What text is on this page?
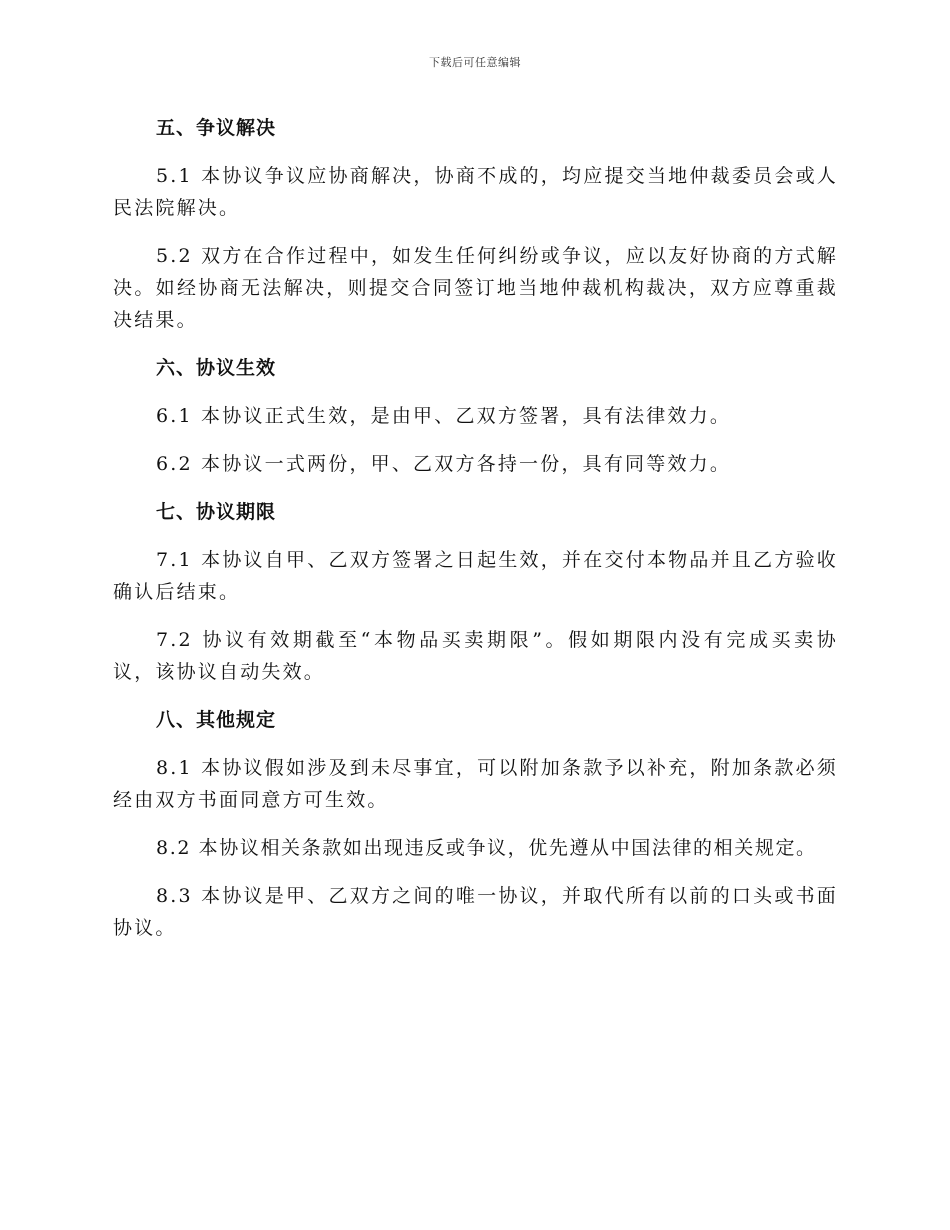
下载后可任意编辑
五、争议解决

5.1 本协议争议应协商解决，协商不成的，均应提交当地仲裁委员会或人民法院解决。

5.2 双方在合作过程中，如发生任何纠纷或争议，应以友好协商的方式解决。如经协商无法解决，则提交合同签订地当地仲裁机构裁决，双方应尊重裁决结果。

六、协议生效

6.1 本协议正式生效，是由甲、乙双方签署，具有法律效力。

6.2 本协议一式两份，甲、乙双方各持一份，具有同等效力。

七、协议期限

7.1 本协议自甲、乙双方签署之日起生效，并在交付本物品并且乙方验收确认后结束。

7.2 协议有效期截至“本物品买卖期限”。假如期限内没有完成买卖协议，该协议自动失效。

八、其他规定

8.1 本协议假如涉及到未尽事宜，可以附加条款予以补充，附加条款必须经由双方书面同意方可生效。

8.2 本协议相关条款如出现违反或争议，优先遵从中国法律的相关规定。

8.3 本协议是甲、乙双方之间的唯一协议，并取代所有以前的口头或书面协议。
